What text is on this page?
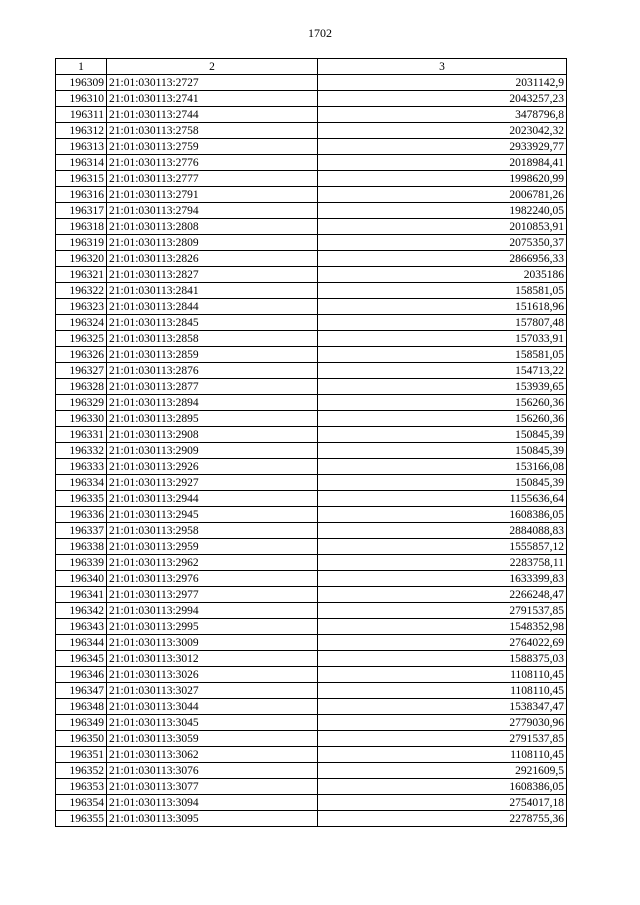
1702
1	2	3
196309	21:01:030113:2727	2031142,9
196310	21:01:030113:2741	2043257,23
196311	21:01:030113:2744	3478796,8
196312	21:01:030113:2758	2023042,32
196313	21:01:030113:2759	2933929,77
196314	21:01:030113:2776	2018984,41
196315	21:01:030113:2777	1998620,99
196316	21:01:030113:2791	2006781,26
196317	21:01:030113:2794	1982240,05
196318	21:01:030113:2808	2010853,91
196319	21:01:030113:2809	2075350,37
196320	21:01:030113:2826	2866956,33
196321	21:01:030113:2827	2035186
196322	21:01:030113:2841	158581,05
196323	21:01:030113:2844	151618,96
196324	21:01:030113:2845	157807,48
196325	21:01:030113:2858	157033,91
196326	21:01:030113:2859	158581,05
196327	21:01:030113:2876	154713,22
196328	21:01:030113:2877	153939,65
196329	21:01:030113:2894	156260,36
196330	21:01:030113:2895	156260,36
196331	21:01:030113:2908	150845,39
196332	21:01:030113:2909	150845,39
196333	21:01:030113:2926	153166,08
196334	21:01:030113:2927	150845,39
196335	21:01:030113:2944	1155636,64
196336	21:01:030113:2945	1608386,05
196337	21:01:030113:2958	2884088,83
196338	21:01:030113:2959	1555857,12
196339	21:01:030113:2962	2283758,11
196340	21:01:030113:2976	1633399,83
196341	21:01:030113:2977	2266248,47
196342	21:01:030113:2994	2791537,85
196343	21:01:030113:2995	1548352,98
196344	21:01:030113:3009	2764022,69
196345	21:01:030113:3012	1588375,03
196346	21:01:030113:3026	1108110,45
196347	21:01:030113:3027	1108110,45
196348	21:01:030113:3044	1538347,47
196349	21:01:030113:3045	2779030,96
196350	21:01:030113:3059	2791537,85
196351	21:01:030113:3062	1108110,45
196352	21:01:030113:3076	2921609,5
196353	21:01:030113:3077	1608386,05
196354	21:01:030113:3094	2754017,18
196355	21:01:030113:3095	2278755,36
